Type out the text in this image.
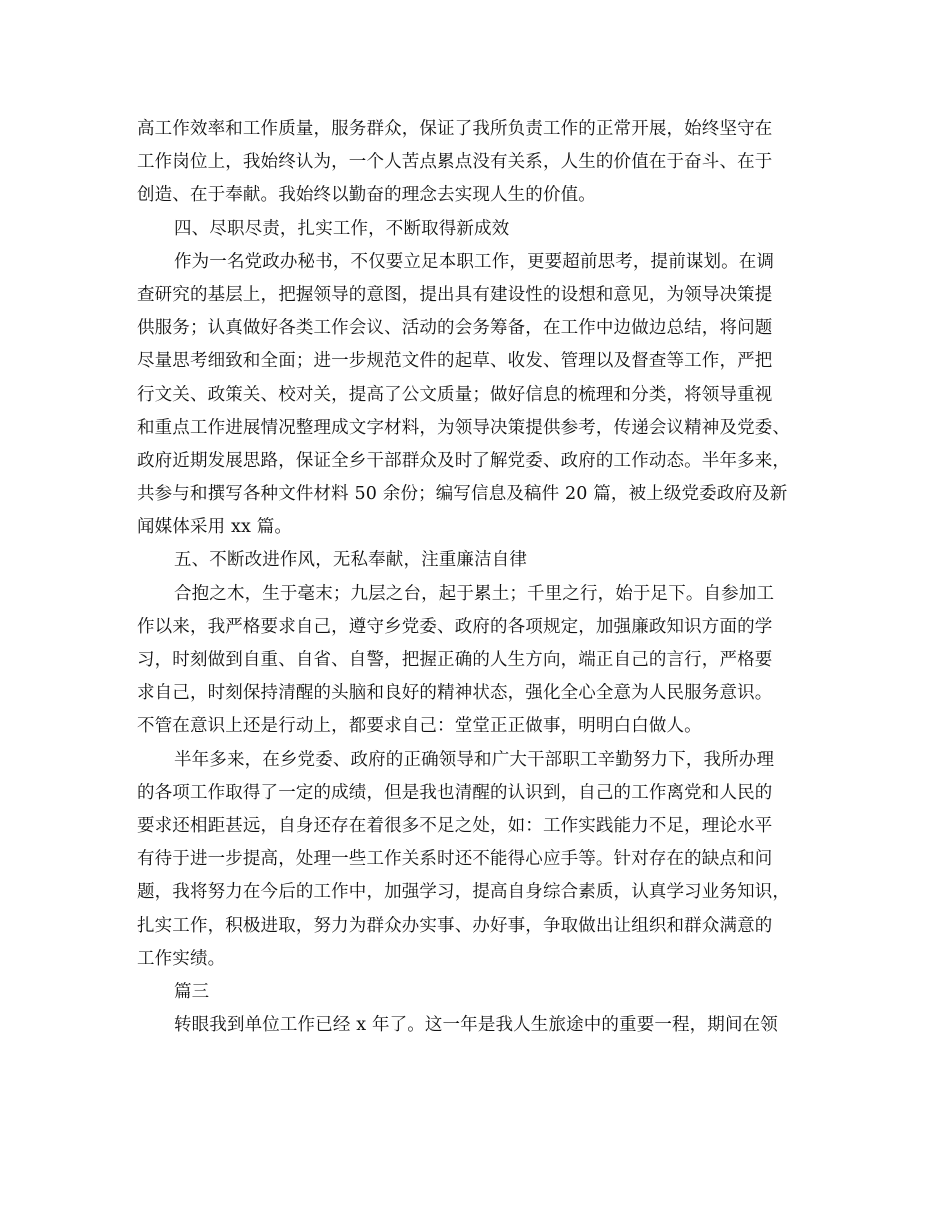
高工作效率和工作质量，服务群众，保证了我所负责工作的正常开展，始终坚守在
工作岗位上，我始终认为，一个人苦点累点没有关系，人生的价值在于奋斗、在于
创造、在于奉献。我始终以勤奋的理念去实现人生的价值。
四、尽职尽责，扎实工作，不断取得新成效
作为一名党政办秘书，不仅要立足本职工作，更要超前思考，提前谋划。在调
查研究的基层上，把握领导的意图，提出具有建设性的设想和意见，为领导决策提
供服务；认真做好各类工作会议、活动的会务筹备，在工作中边做边总结，将问题
尽量思考细致和全面；进一步规范文件的起草、收发、管理以及督查等工作，严把
行文关、政策关、校对关，提高了公文质量；做好信息的梳理和分类，将领导重视
和重点工作进展情况整理成文字材料，为领导决策提供参考，传递会议精神及党委、
政府近期发展思路，保证全乡干部群众及时了解党委、政府的工作动态。半年多来，
共参与和撰写各种文件材料 50 余份；编写信息及稿件 20 篇，被上级党委政府及新
闻媒体采用 xx 篇。
五、不断改进作风，无私奉献，注重廉洁自律
合抱之木，生于毫末；九层之台，起于累土；千里之行，始于足下。自参加工
作以来，我严格要求自己，遵守乡党委、政府的各项规定，加强廉政知识方面的学
习，时刻做到自重、自省、自警，把握正确的人生方向，端正自己的言行，严格要
求自己，时刻保持清醒的头脑和良好的精神状态，强化全心全意为人民服务意识。
不管在意识上还是行动上，都要求自己：堂堂正正做事，明明白白做人。
半年多来，在乡党委、政府的正确领导和广大干部职工辛勤努力下，我所办理
的各项工作取得了一定的成绩，但是我也清醒的认识到，自己的工作离党和人民的
要求还相距甚远，自身还存在着很多不足之处，如：工作实践能力不足，理论水平
有待于进一步提高，处理一些工作关系时还不能得心应手等。针对存在的缺点和问
题，我将努力在今后的工作中，加强学习，提高自身综合素质，认真学习业务知识，
扎实工作，积极进取，努力为群众办实事、办好事，争取做出让组织和群众满意的
工作实绩。
篇三
转眼我到单位工作已经 x 年了。这一年是我人生旅途中的重要一程，期间在领
